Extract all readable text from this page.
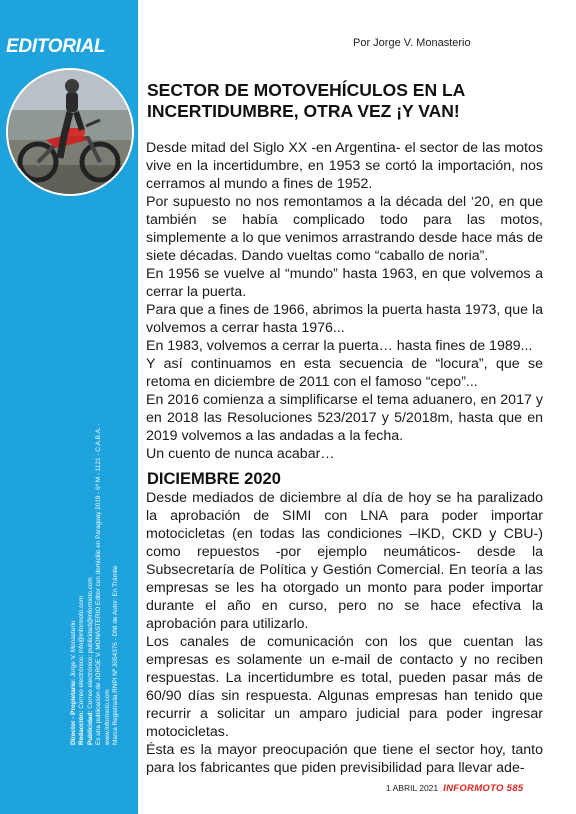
EDITORIAL
Director - Propietario: Jorge V. Monasterio
Redacción: Correo electrónico: info@informoto.com
Publicidad: Correo electrónico: publicidad@informoto.com Es una publicación de JORGE V. MONASTERIO Editor con domicilio en Paraguay 2019 - 6º M - 1121 - C.A.B.A. - www.informoto.com Marca Registrada RNPI Nº 3054376 - DNI de Autor: En Trámite
Por Jorge V. Monasterio
SECTOR DE MOTOVEHÍCULOS EN LA INCERTIDUMBRE, OTRA VEZ ¡Y VAN!

Desde mitad del Siglo XX -en Argentina- el sector de las motos vive en la incertidumbre, en 1953 se cortó la importación, nos cerramos al mundo a fines de 1952.

Por supuesto no nos remontamos a la década del ‘20, en que también se había complicado todo para las motos, simplemente a lo que venimos arrastrando desde hace más de siete décadas. Dando vueltas como “caballo de noria”.

En 1956 se vuelve al “mundo” hasta 1963, en que volvemos a cerrar la puerta.

Para que a fines de 1966, abrimos la puerta hasta 1973, que la volvemos a cerrar hasta 1976...

En 1983, volvemos a cerrar la puerta… hasta fines de 1989...

Y así continuamos en esta secuencia de “locura”, que se retoma en diciembre de 2011 con el famoso “cepo”...

En 2016 comienza a simplificarse el tema aduanero, en 2017 y en 2018 las Resoluciones 523/2017 y 5/2018m, hasta que en 2019 volvemos a las andadas a la fecha.

Un cuento de nunca acabar…

DICIEMBRE 2020

Desde mediados de diciembre al día de hoy se ha paralizado la aprobación de SIMI con LNA para poder importar motocicletas (en todas las condiciones –IKD, CKD y CBU-) como repuestos -por ejemplo neumáticos- desde la Subsecretaría de Política y Gestión Comercial. En teoría a las empresas se les ha otorgado un monto para poder importar durante el año en curso, pero no se hace efectiva la aprobación para utilizarlo.

Los canales de comunicación con los que cuentan las empresas es solamente un e-mail de contacto y no reciben respuestas. La incertidumbre es total, pueden pasar más de 60/90 días sin respuesta. Algunas empresas han tenido que recurrir a solicitar un amparo judicial para poder ingresar motocicletas.

Ésta es la mayor preocupación que tiene el sector hoy, tanto para los fabricantes que piden previsibilidad para llevar ade-

1 ABRIL 2021 INFORMOTO 585
